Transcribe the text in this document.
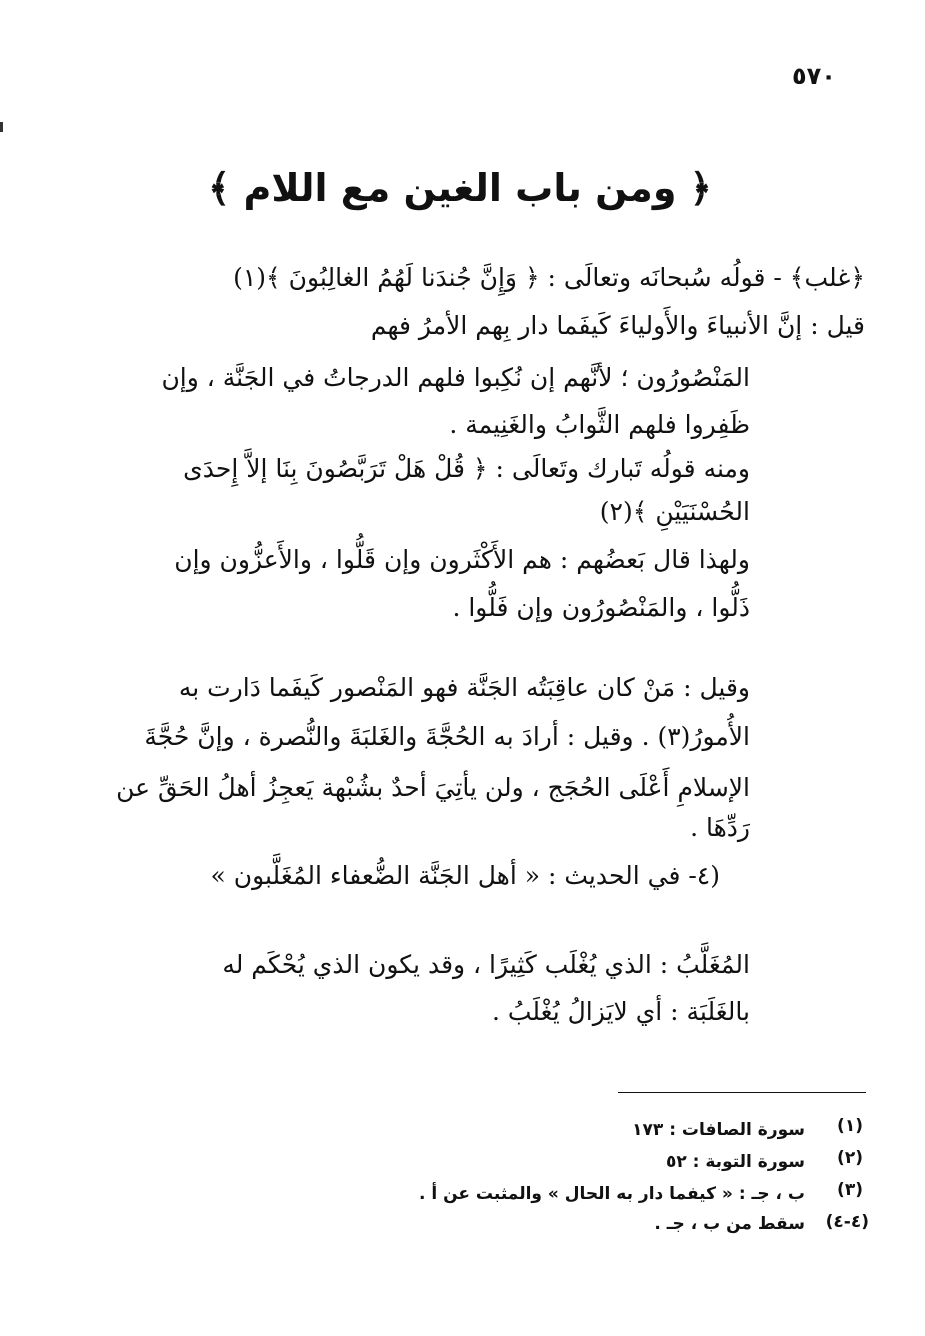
٥٧٠
﴿ ومن باب الغين مع اللام ﴾
﴿غلب﴾ - قولُه سُبحانَه وتعالَى : ﴿ وَإِنَّ جُندَنا لَهُمُ الغالِبُونَ ﴾(١)
قيل : إنَّ الأنبياءَ والأَولياءَ كَيفَما دار بِهم الأمرُ فهم
المَنْصُورُون ؛ لأنَّهم إن نُكِبوا فلهم الدرجاتُ في الجَنَّة ، وإن
ظَفِروا فلهم الثَّوابُ والغَنِيمة .
ومنه قولُه تَبارك وتَعالَى : ﴿ قُلْ هَلْ تَرَبَّصُونَ بِنَا إلاَّ إِحدَى
الحُسْنَيَيْنِ ﴾(٢)
ولهذا قال بَعضُهم : هم الأَكْثَرون وإن قَلُّوا ، والأَعزُّون وإن
ذَلُّوا ، والمَنْصُورُون وإن فَلُّوا .
وقيل : مَنْ كان عاقِبَتُه الجَنَّة فهو المَنْصور كَيفَما دَارت به
الأُمورُ(٣) . وقيل : أرادَ به الحُجَّةَ والغَلبَةَ والنُّصرة ، وإنَّ حُجَّةَ
الإسلامِ أَعْلَى الحُجَج ، ولن يأتِيَ أحدٌ بشُبْهة يَعجِزُ أهلُ الحَقِّ عن
رَدِّهَا .
(٤- في الحديث : « أهل الجَنَّة الضُّعفاء المُغَلَّبون »
المُغَلَّبُ : الذي يُغْلَب كَثِيرًا ، وقد يكون الذي يُحْكَم له
بالغَلَبَة : أي لايَزالُ يُغْلَبُ .
(١)
سورة الصافات : ١٧٣
(٢)
سورة التوبة : ٥٢
(٣)
ب ، جـ : « كيفما دار به الحال » والمثبت عن أ .
(٤-٤)
سقط من ب ، جـ .
